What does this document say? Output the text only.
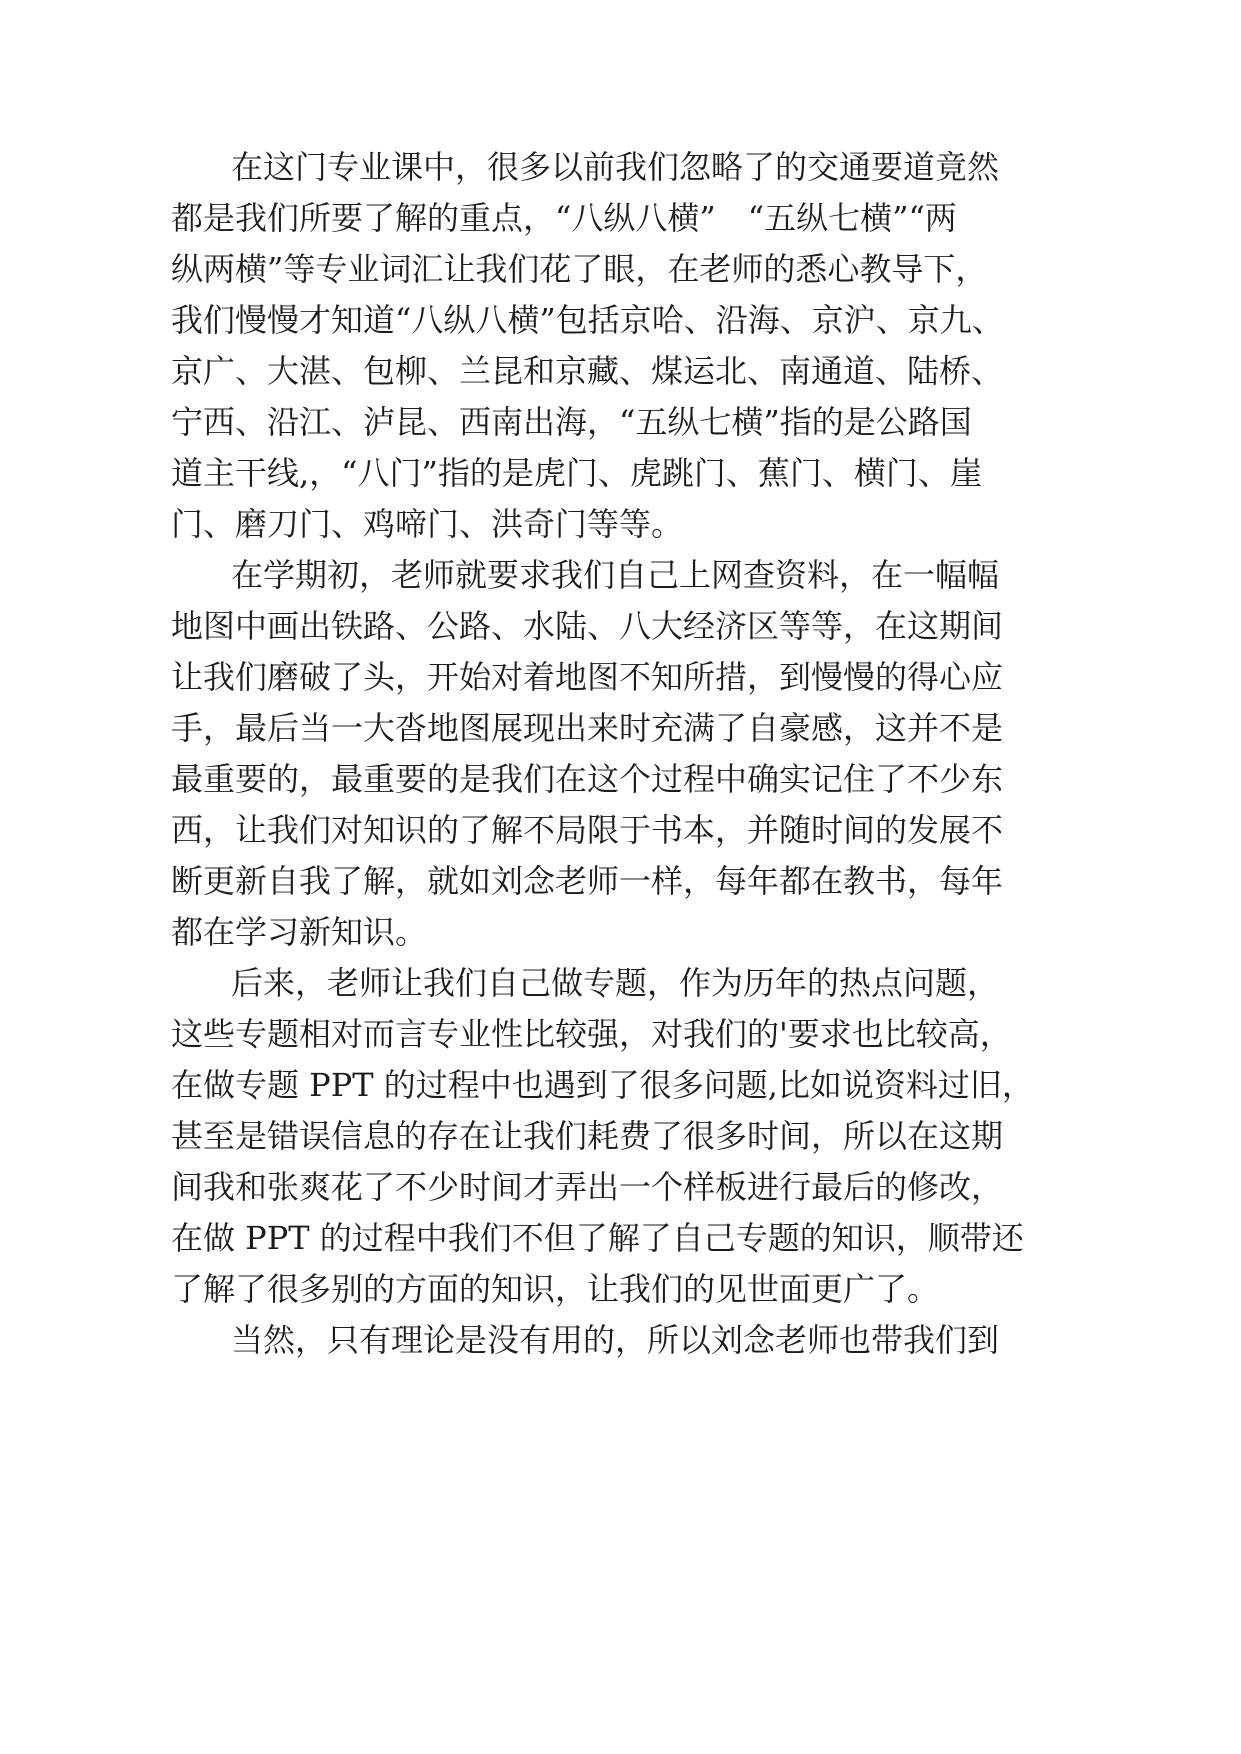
在这门专业课中，很多以前我们忽略了的交通要道竟然
都是我们所要了解的重点，“八纵八横”　“五纵七横”“两
纵两横”等专业词汇让我们花了眼，在老师的悉心教导下，
我们慢慢才知道“八纵八横”包括京哈、沿海、京沪、京九、
京广、大湛、包柳、兰昆和京藏、煤运北、南通道、陆桥、
宁西、沿江、泸昆、西南出海，“五纵七横”指的是公路国
道主干线,，“八门”指的是虎门、虎跳门、蕉门、横门、崖
门、磨刀门、鸡啼门、洪奇门等等。
在学期初，老师就要求我们自己上网查资料，在一幅幅
地图中画出铁路、公路、水陆、八大经济区等等，在这期间
让我们磨破了头，开始对着地图不知所措，到慢慢的得心应
手，最后当一大沓地图展现出来时充满了自豪感，这并不是
最重要的，最重要的是我们在这个过程中确实记住了不少东
西，让我们对知识的了解不局限于书本，并随时间的发展不
断更新自我了解，就如刘念老师一样，每年都在教书，每年
都在学习新知识。
后来，老师让我们自己做专题，作为历年的热点问题，
这些专题相对而言专业性比较强，对我们的'要求也比较高，
在做专题 PPT 的过程中也遇到了很多问题,比如说资料过旧，
甚至是错误信息的存在让我们耗费了很多时间，所以在这期
间我和张爽花了不少时间才弄出一个样板进行最后的修改，
在做 PPT 的过程中我们不但了解了自己专题的知识，顺带还
了解了很多别的方面的知识，让我们的见世面更广了。
当然，只有理论是没有用的，所以刘念老师也带我们到
